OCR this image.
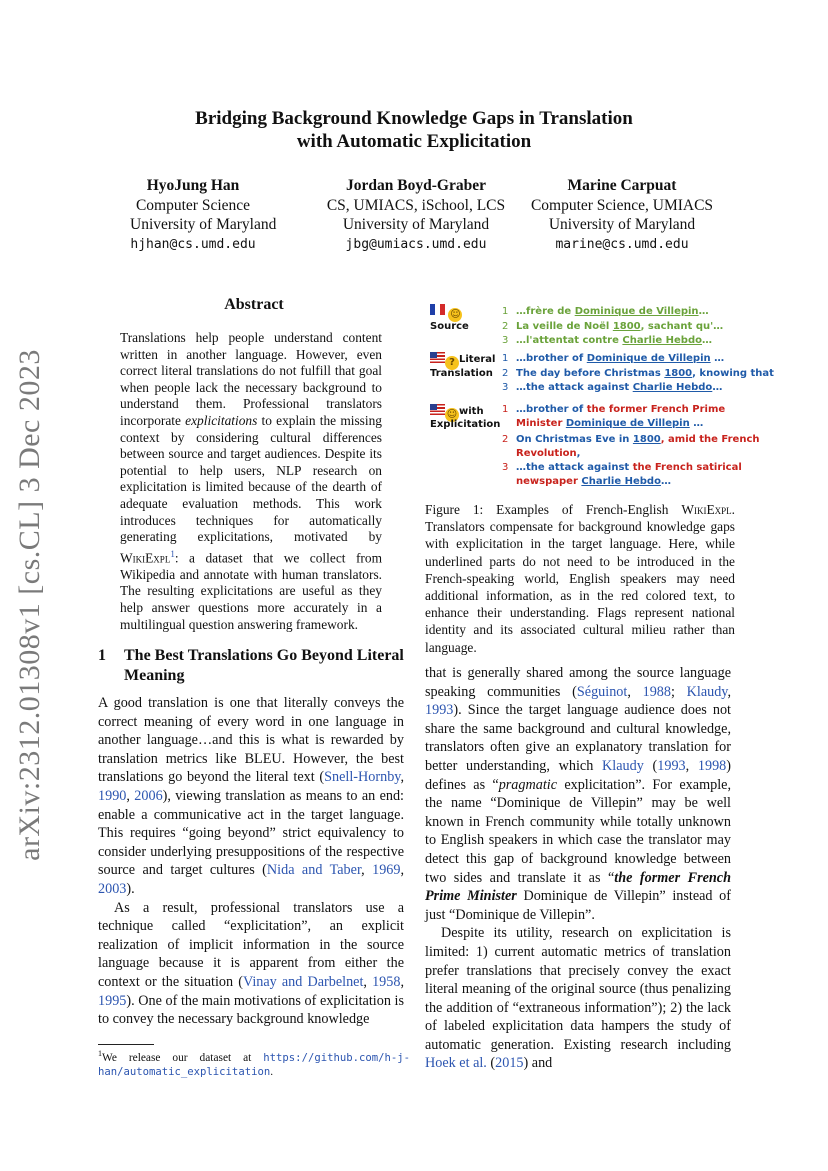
arXiv:2312.01308v1 [cs.CL] 3 Dec 2023
Bridging Background Knowledge Gaps in Translation
with Automatic Explicitation
HyoJung Han
Computer Science
University of Maryland
hjhan@cs.umd.edu
Jordan Boyd-Graber
CS, UMIACS, iSchool, LCS
University of Maryland
jbg@umiacs.umd.edu
Marine Carpuat
Computer Science, UMIACS
University of Maryland
marine@cs.umd.edu
Abstract
Translations help people understand content written in another language. However, even correct literal translations do not fulfill that goal when people lack the necessary background to understand them. Professional translators incorporate explicitations to explain the missing context by considering cultural differences between source and target audiences. Despite its potential to help users, NLP research on explicitation is limited because of the dearth of adequate evaluation methods. This work introduces techniques for automatically generating explicitations, motivated by WikiExpl$^1$: a dataset that we collect from Wikipedia and annotate with human translators. The resulting explicitations are useful as they help answer questions more accurately in a multilingual question answering framework.
1 The Best Translations Go Beyond Literal Meaning
A good translation is one that literally conveys the correct meaning of every word in one language in another language…and this is what is rewarded by translation metrics like BLEU. However, the best translations go beyond the literal text (Snell-Hornby, 1990, 2006), viewing translation as means to an end: enable a communicative act in the target language. This requires “going beyond” strict equivalency to consider underlying presuppositions of the respective source and target cultures (Nida and Taber, 1969, 2003).
As a result, professional translators use a technique called “explicitation”, an explicit realization of implicit information in the source language because it is apparent from either the context or the situation (Vinay and Darbelnet, 1958, 1995). One of the main motivations of explicitation is to convey the necessary background knowledge
$^1$We release our dataset at https://github.com/h-j-han/automatic_explicitation.
☺
Source
1 …frère de Dominique de Villepin…
2 La veille de Noël 1800, sachant qu'…
3 …l'attentat contre Charlie Hebdo…
? Literal
Translation
1 …brother of Dominique de Villepin …
2 The day before Christmas 1800, knowing that
3 …the attack against Charlie Hebdo…
☺ with
Explicitation
1 …brother of the former French Prime
Minister Dominique de Villepin …
2 On Christmas Eve in 1800, amid the French
Revolution,
3 …the attack against the French satirical
newspaper Charlie Hebdo…
Figure 1: Examples of French-English WikiExpl. Translators compensate for background knowledge gaps with explicitation in the target language. Here, while underlined parts do not need to be introduced in the French-speaking world, English speakers may need additional information, as in the red colored text, to enhance their understanding. Flags represent national identity and its associated cultural milieu rather than language.
that is generally shared among the source language speaking communities (Séguinot, 1988; Klaudy, 1993). Since the target language audience does not share the same background and cultural knowledge, translators often give an explanatory translation for better understanding, which Klaudy (1993, 1998) defines as “pragmatic explicitation”. For example, the name “Dominique de Villepin” may be well known in French community while totally unknown to English speakers in which case the translator may detect this gap of background knowledge between two sides and translate it as “the former French Prime Minister Dominique de Villepin” instead of just “Dominique de Villepin”.
Despite its utility, research on explicitation is limited: 1) current automatic metrics of translation prefer translations that precisely convey the exact literal meaning of the original source (thus penalizing the addition of “extraneous information”); 2) the lack of labeled explicitation data hampers the study of automatic generation. Existing research including Hoek et al. (2015) and
